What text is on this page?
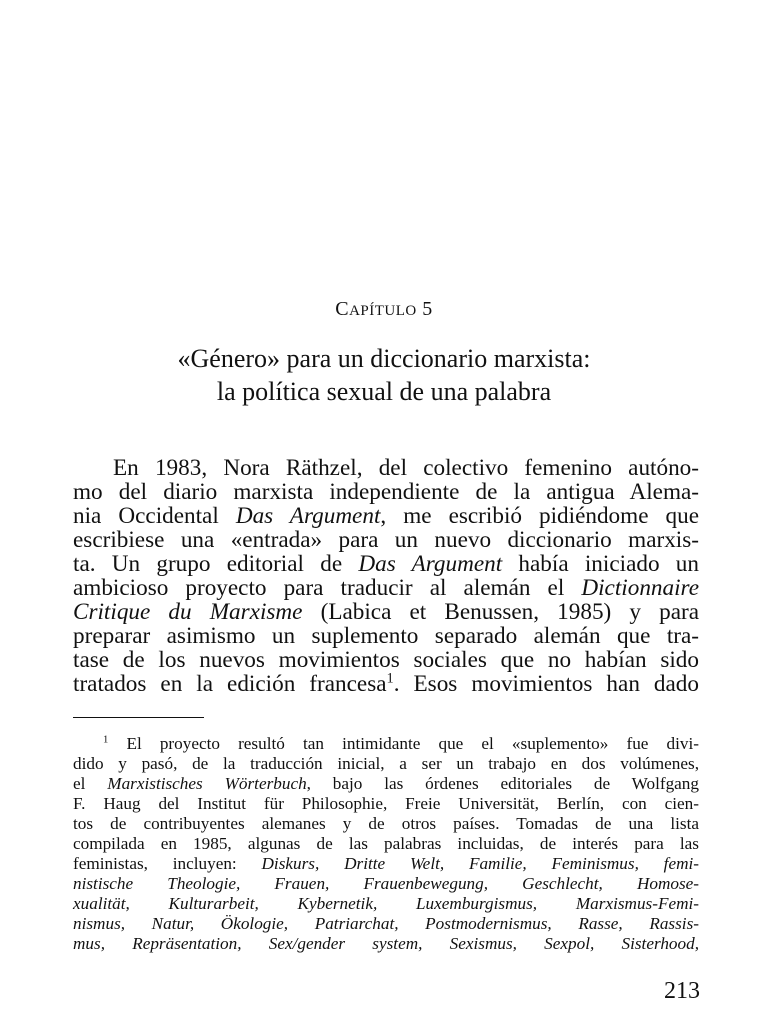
CAPÍTULO 5
«Género» para un diccionario marxista:
la política sexual de una palabra
En 1983, Nora Räthzel, del colectivo femenino autóno-
mo del diario marxista independiente de la antigua Alema-
nia Occidental Das Argument, me escribió pidiéndome que
escribiese una «entrada» para un nuevo diccionario marxis-
ta. Un grupo editorial de Das Argument había iniciado un
ambicioso proyecto para traducir al alemán el Dictionnaire
Critique du Marxisme (Labica et Benussen, 1985) y para
preparar asimismo un suplemento separado alemán que tra-
tase de los nuevos movimientos sociales que no habían sido
tratados en la edición francesa$^1$. Esos movimientos han dado
$^1$ El proyecto resultó tan intimidante que el «suplemento» fue divi-
dido y pasó, de la traducción inicial, a ser un trabajo en dos volúmenes,
el Marxistisches Wörterbuch, bajo las órdenes editoriales de Wolfgang
F. Haug del Institut für Philosophie, Freie Universität, Berlín, con cien-
tos de contribuyentes alemanes y de otros países. Tomadas de una lista
compilada en 1985, algunas de las palabras incluidas, de interés para las
feministas, incluyen: Diskurs, Dritte Welt, Familie, Feminismus, femi-
nistische Theologie, Frauen, Frauenbewegung, Geschlecht, Homose-
xualität, Kulturarbeit, Kybernetik, Luxemburgismus, Marxismus-Femi-
nismus, Natur, Ökologie, Patriarchat, Postmodernismus, Rasse, Rassis-
mus, Repräsentation, Sex/gender system, Sexismus, Sexpol, Sisterhood,
213
